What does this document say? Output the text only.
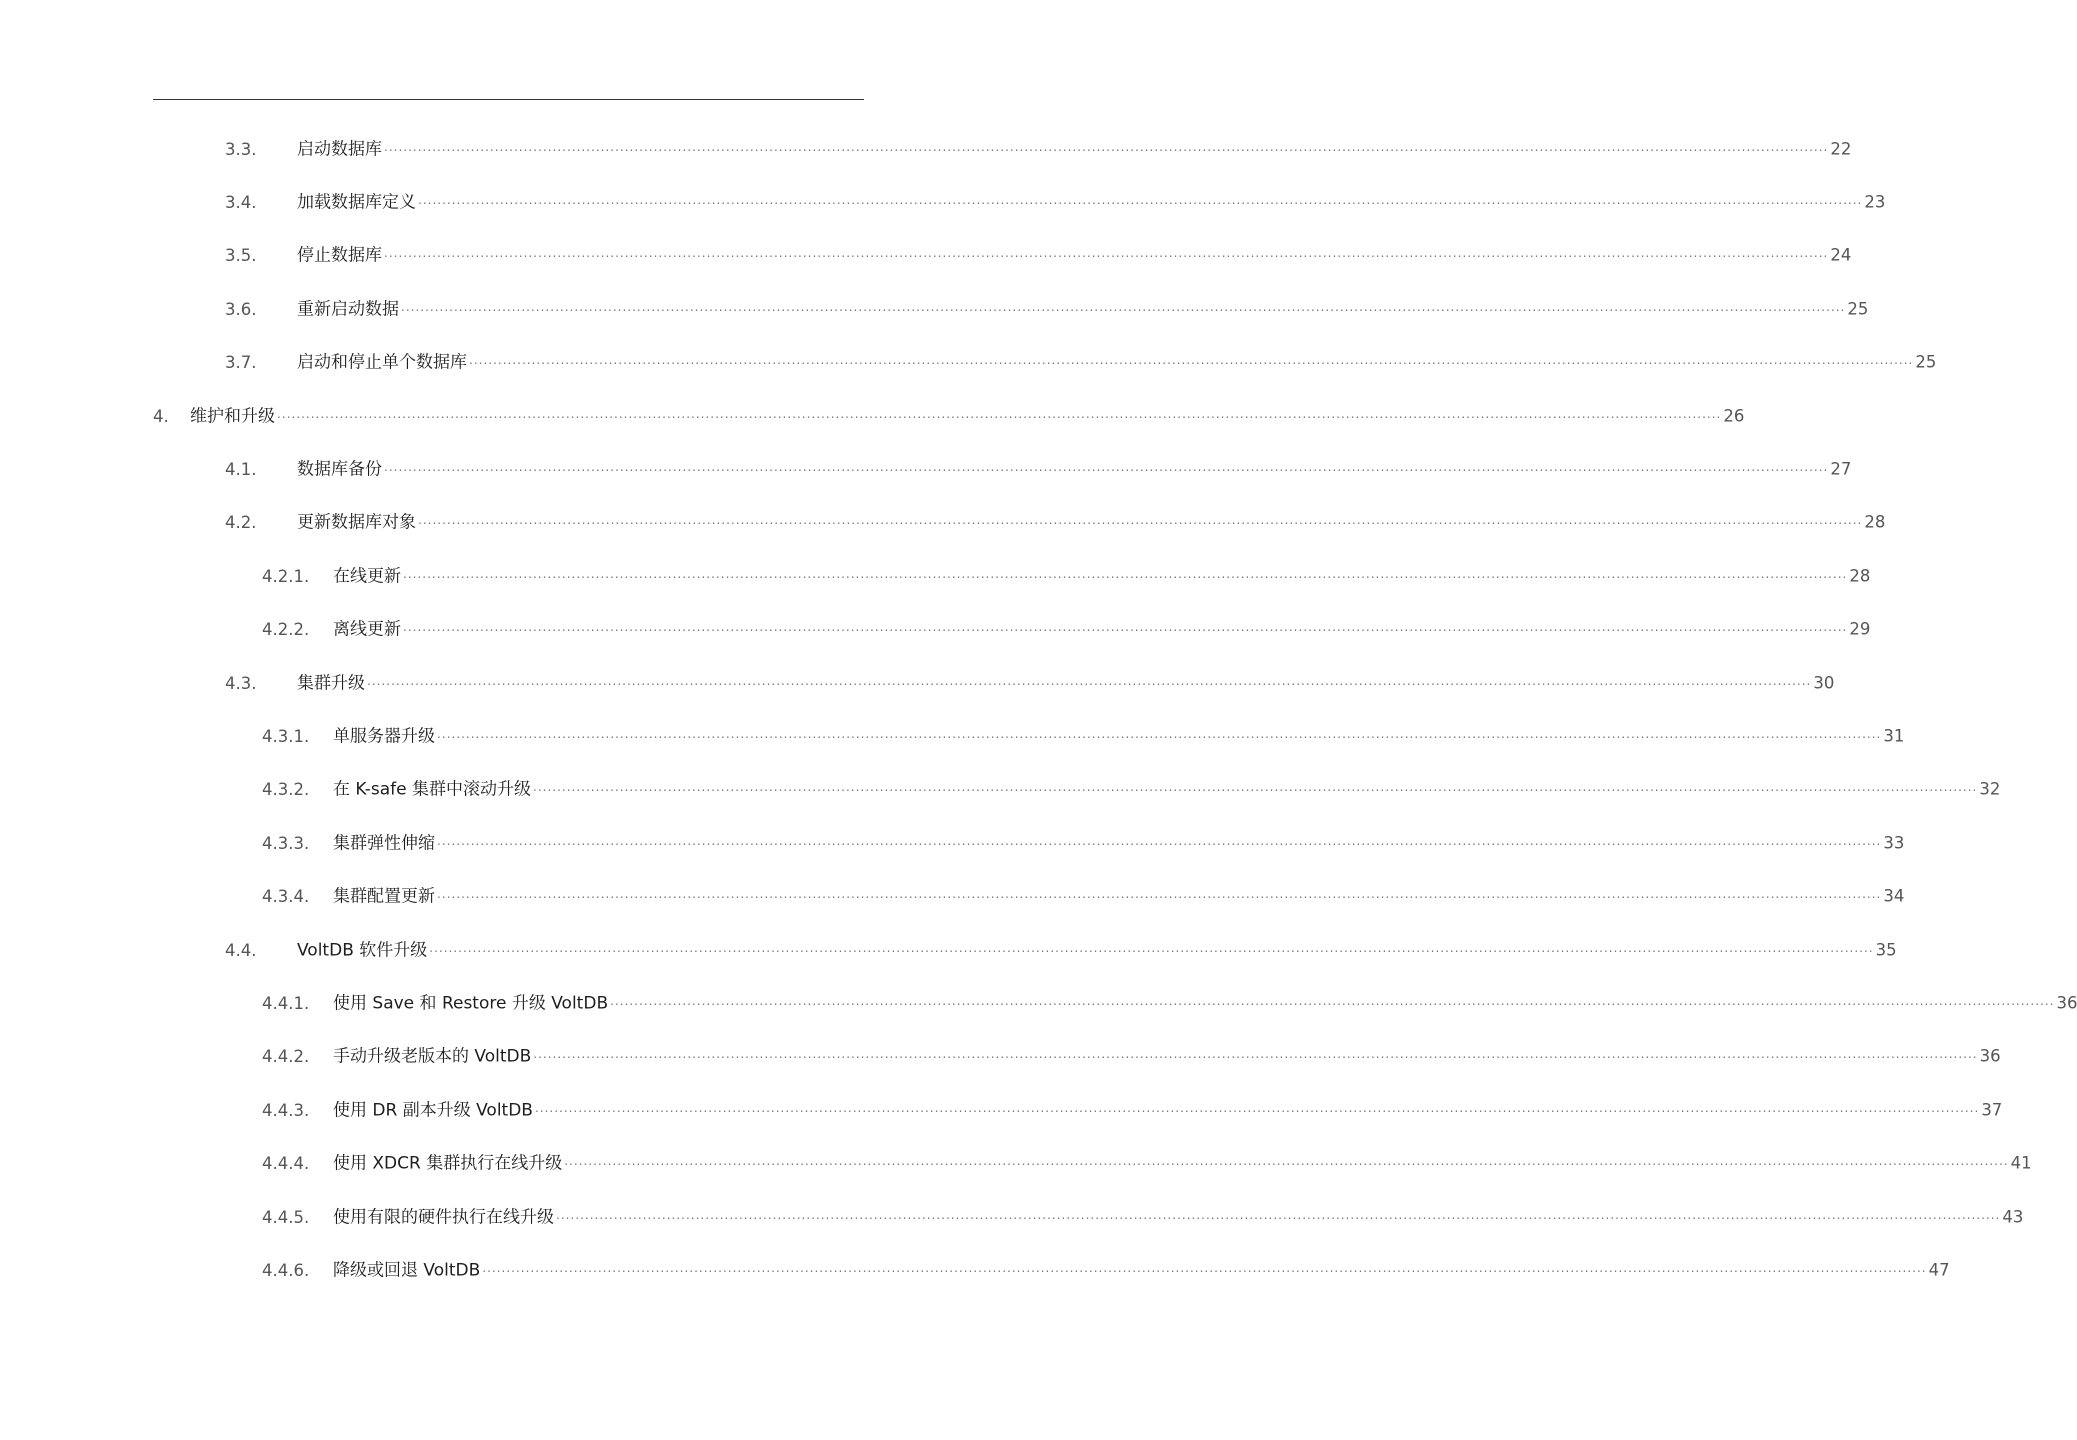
3.3. 启动数据库 ············································································································································································································································································································ 22
3.4. 加载数据库定义 ············································································································································································································································································································ 23
3.5. 停止数据库 ············································································································································································································································································································ 24
3.6. 重新启动数据 ············································································································································································································································································································ 25
3.7. 启动和停止单个数据库 ············································································································································································································································································································ 25
4. 维护和升级 ············································································································································································································································································································ 26
4.1. 数据库备份 ············································································································································································································································································································ 27
4.2. 更新数据库对象 ············································································································································································································································································································ 28
4.2.1. 在线更新 ············································································································································································································································································································ 28
4.2.2. 离线更新 ············································································································································································································································································································ 29
4.3. 集群升级 ············································································································································································································································································································ 30
4.3.1. 单服务器升级 ············································································································································································································································································································ 31
4.3.2. 在 K-safe 集群中滚动升级 ············································································································································································································································································································ 32
4.3.3. 集群弹性伸缩 ············································································································································································································································································································ 33
4.3.4. 集群配置更新 ············································································································································································································································································································ 34
4.4. VoltDB 软件升级 ············································································································································································································································································································ 35
4.4.1. 使用 Save 和 Restore 升级 VoltDB ············································································································································································································································································································ 36
4.4.2. 手动升级老版本的 VoltDB ············································································································································································································································································································ 36
4.4.3. 使用 DR 副本升级 VoltDB ············································································································································································································································································································ 37
4.4.4. 使用 XDCR 集群执行在线升级 ············································································································································································································································································································ 41
4.4.5. 使用有限的硬件执行在线升级 ············································································································································································································································································································ 43
4.4.6. 降级或回退 VoltDB ············································································································································································································································································································ 47
